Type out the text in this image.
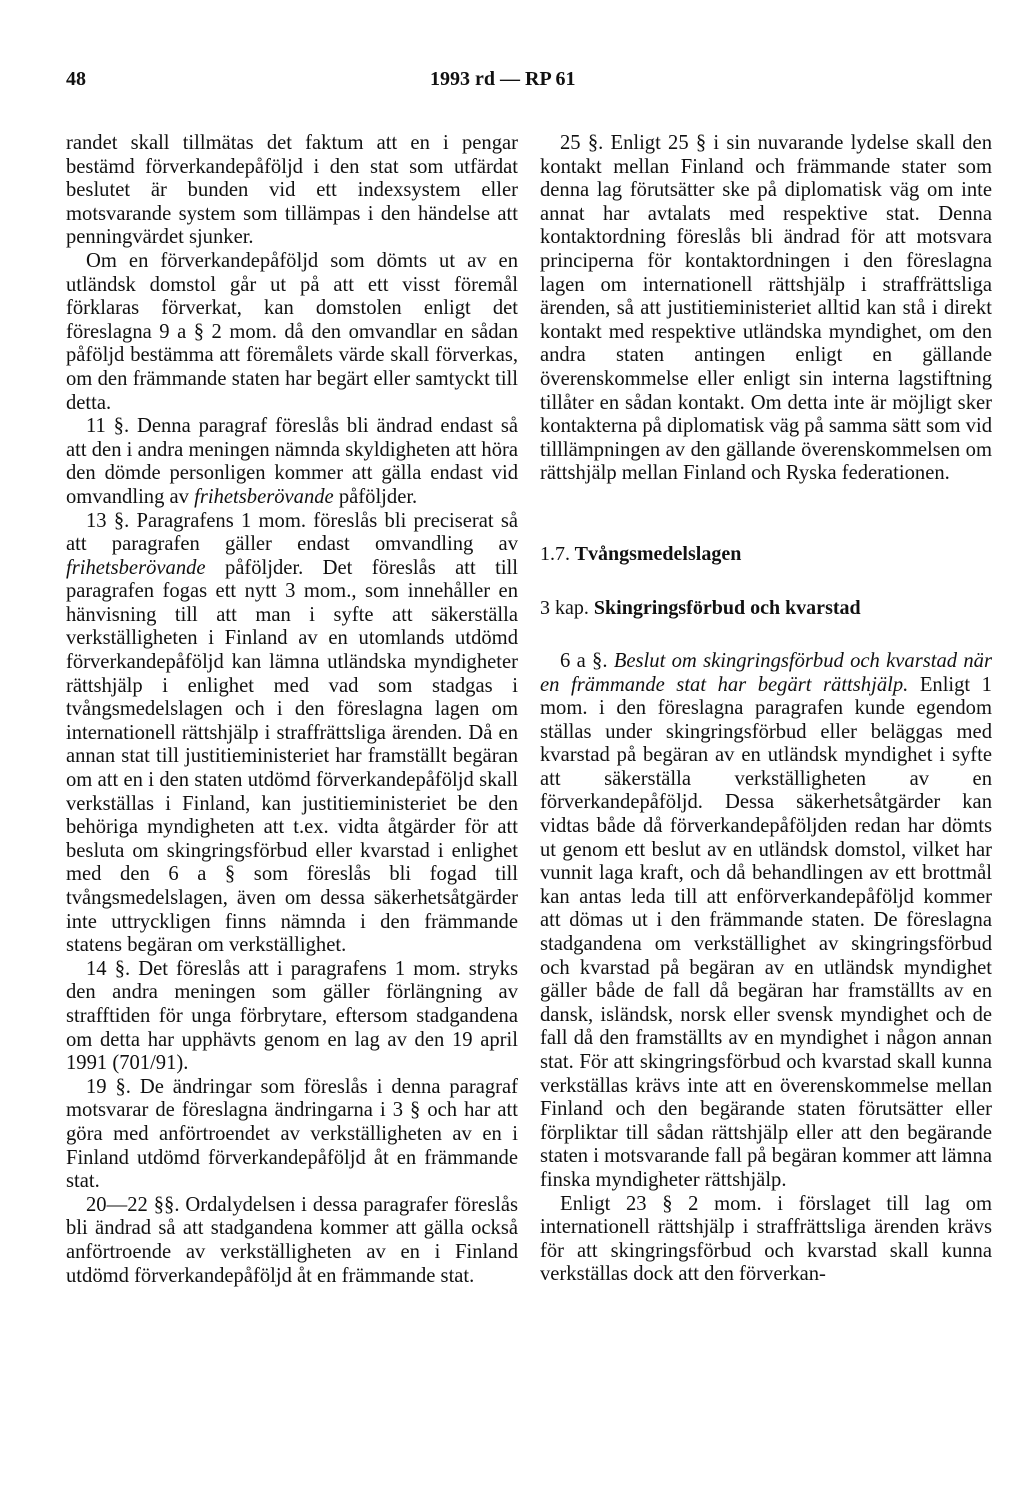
48	1993 rd — RP 61

randet skall tillmätas det faktum att en i pengar bestämd förverkandepåföljd i den stat som utfärdat beslutet är bunden vid ett indexsystem eller motsvarande system som tillämpas i den händelse att penningvärdet sjunker.

Om en förverkandepåföljd som dömts ut av en utländsk domstol går ut på att ett visst föremål förklaras förverkat, kan domstolen enligt det föreslagna 9 a § 2 mom. då den omvandlar en sådan påföljd bestämma att föremålets värde skall förverkas, om den främmande staten har begärt eller samtyckt till detta.

11 §. Denna paragraf föreslås bli ändrad endast så att den i andra meningen nämnda skyldigheten att höra den dömde personligen kommer att gälla endast vid omvandling av frihetsberövande påföljder.

13 §. Paragrafens 1 mom. föreslås bli preciserat så att paragrafen gäller endast omvandling av frihetsberövande påföljder. Det föreslås att till paragrafen fogas ett nytt 3 mom., som innehåller en hänvisning till att man i syfte att säkerställa verkställigheten i Finland av en utomlands utdömd förverkandepåföljd kan lämna utländska myndigheter rättshjälp i enlighet med vad som stadgas i tvångsmedelslagen och i den föreslagna lagen om internationell rättshjälp i straffrättsliga ärenden. Då en annan stat till justitieministeriet har framställt begäran om att en i den staten utdömd förverkandepåföljd skall verkställas i Finland, kan justitieministeriet be den behöriga myndigheten att t.ex. vidta åtgärder för att besluta om skingringsförbud eller kvarstad i enlighet med den 6 a § som föreslås bli fogad till tvångsmedelslagen, även om dessa säkerhetsåtgärder inte uttryckligen finns nämnda i den främmande statens begäran om verkställighet.

14 §. Det föreslås att i paragrafens 1 mom. stryks den andra meningen som gäller förlängning av strafftiden för unga förbrytare, eftersom stadgandena om detta har upphävts genom en lag av den 19 april 1991 (701/91).

19 §. De ändringar som föreslås i denna paragraf motsvarar de föreslagna ändringarna i 3 § och har att göra med anförtroendet av verkställigheten av en i Finland utdömd förverkandepåföljd åt en främmande stat.

20—22 §§. Ordalydelsen i dessa paragrafer föreslås bli ändrad så att stadgandena kommer att gälla också anförtroende av verkställigheten av en i Finland utdömd förverkandepåföljd åt en främmande stat.

25 §. Enligt 25 § i sin nuvarande lydelse skall den kontakt mellan Finland och främmande stater som denna lag förutsätter ske på diplomatisk väg om inte annat har avtalats med respektive stat. Denna kontaktordning föreslås bli ändrad för att motsvara principerna för kontaktordningen i den föreslagna lagen om internationell rättshjälp i straffrättsliga ärenden, så att justitieministeriet alltid kan stå i direkt kontakt med respektive utländska myndighet, om den andra staten antingen enligt en gällande överenskommelse eller enligt sin interna lagstiftning tillåter en sådan kontakt. Om detta inte är möjligt sker kontakterna på diplomatisk väg på samma sätt som vid tilllämpningen av den gällande överenskommelsen om rättshjälp mellan Finland och Ryska federationen.

1.7. Tvångsmedelslagen

3 kap. Skingringsförbud och kvarstad

6 a §. Beslut om skingringsförbud och kvarstad när en främmande stat har begärt rättshjälp. Enligt 1 mom. i den föreslagna paragrafen kunde egendom ställas under skingringsförbud eller beläggas med kvarstad på begäran av en utländsk myndighet i syfte att säkerställa verkställigheten av en förverkandepåföljd. Dessa säkerhetsåtgärder kan vidtas både då förverkandepåföljden redan har dömts ut genom ett beslut av en utländsk domstol, vilket har vunnit laga kraft, och då behandlingen av ett brottmål kan antas leda till att enförverkandepåföljd kommer att dömas ut i den främmande staten. De föreslagna stadgandena om verkställighet av skingringsförbud och kvarstad på begäran av en utländsk myndighet gäller både de fall då begäran har framställts av en dansk, isländsk, norsk eller svensk myndighet och de fall då den framställts av en myndighet i någon annan stat. För att skingringsförbud och kvarstad skall kunna verkställas krävs inte att en överenskommelse mellan Finland och den begärande staten förutsätter eller förpliktar till sådan rättshjälp eller att den begärande staten i motsvarande fall på begäran kommer att lämna finska myndigheter rättshjälp.

Enligt 23 § 2 mom. i förslaget till lag om internationell rättshjälp i straffrättsliga ärenden krävs för att skingringsförbud och kvarstad skall kunna verkställas dock att den förverkan-
